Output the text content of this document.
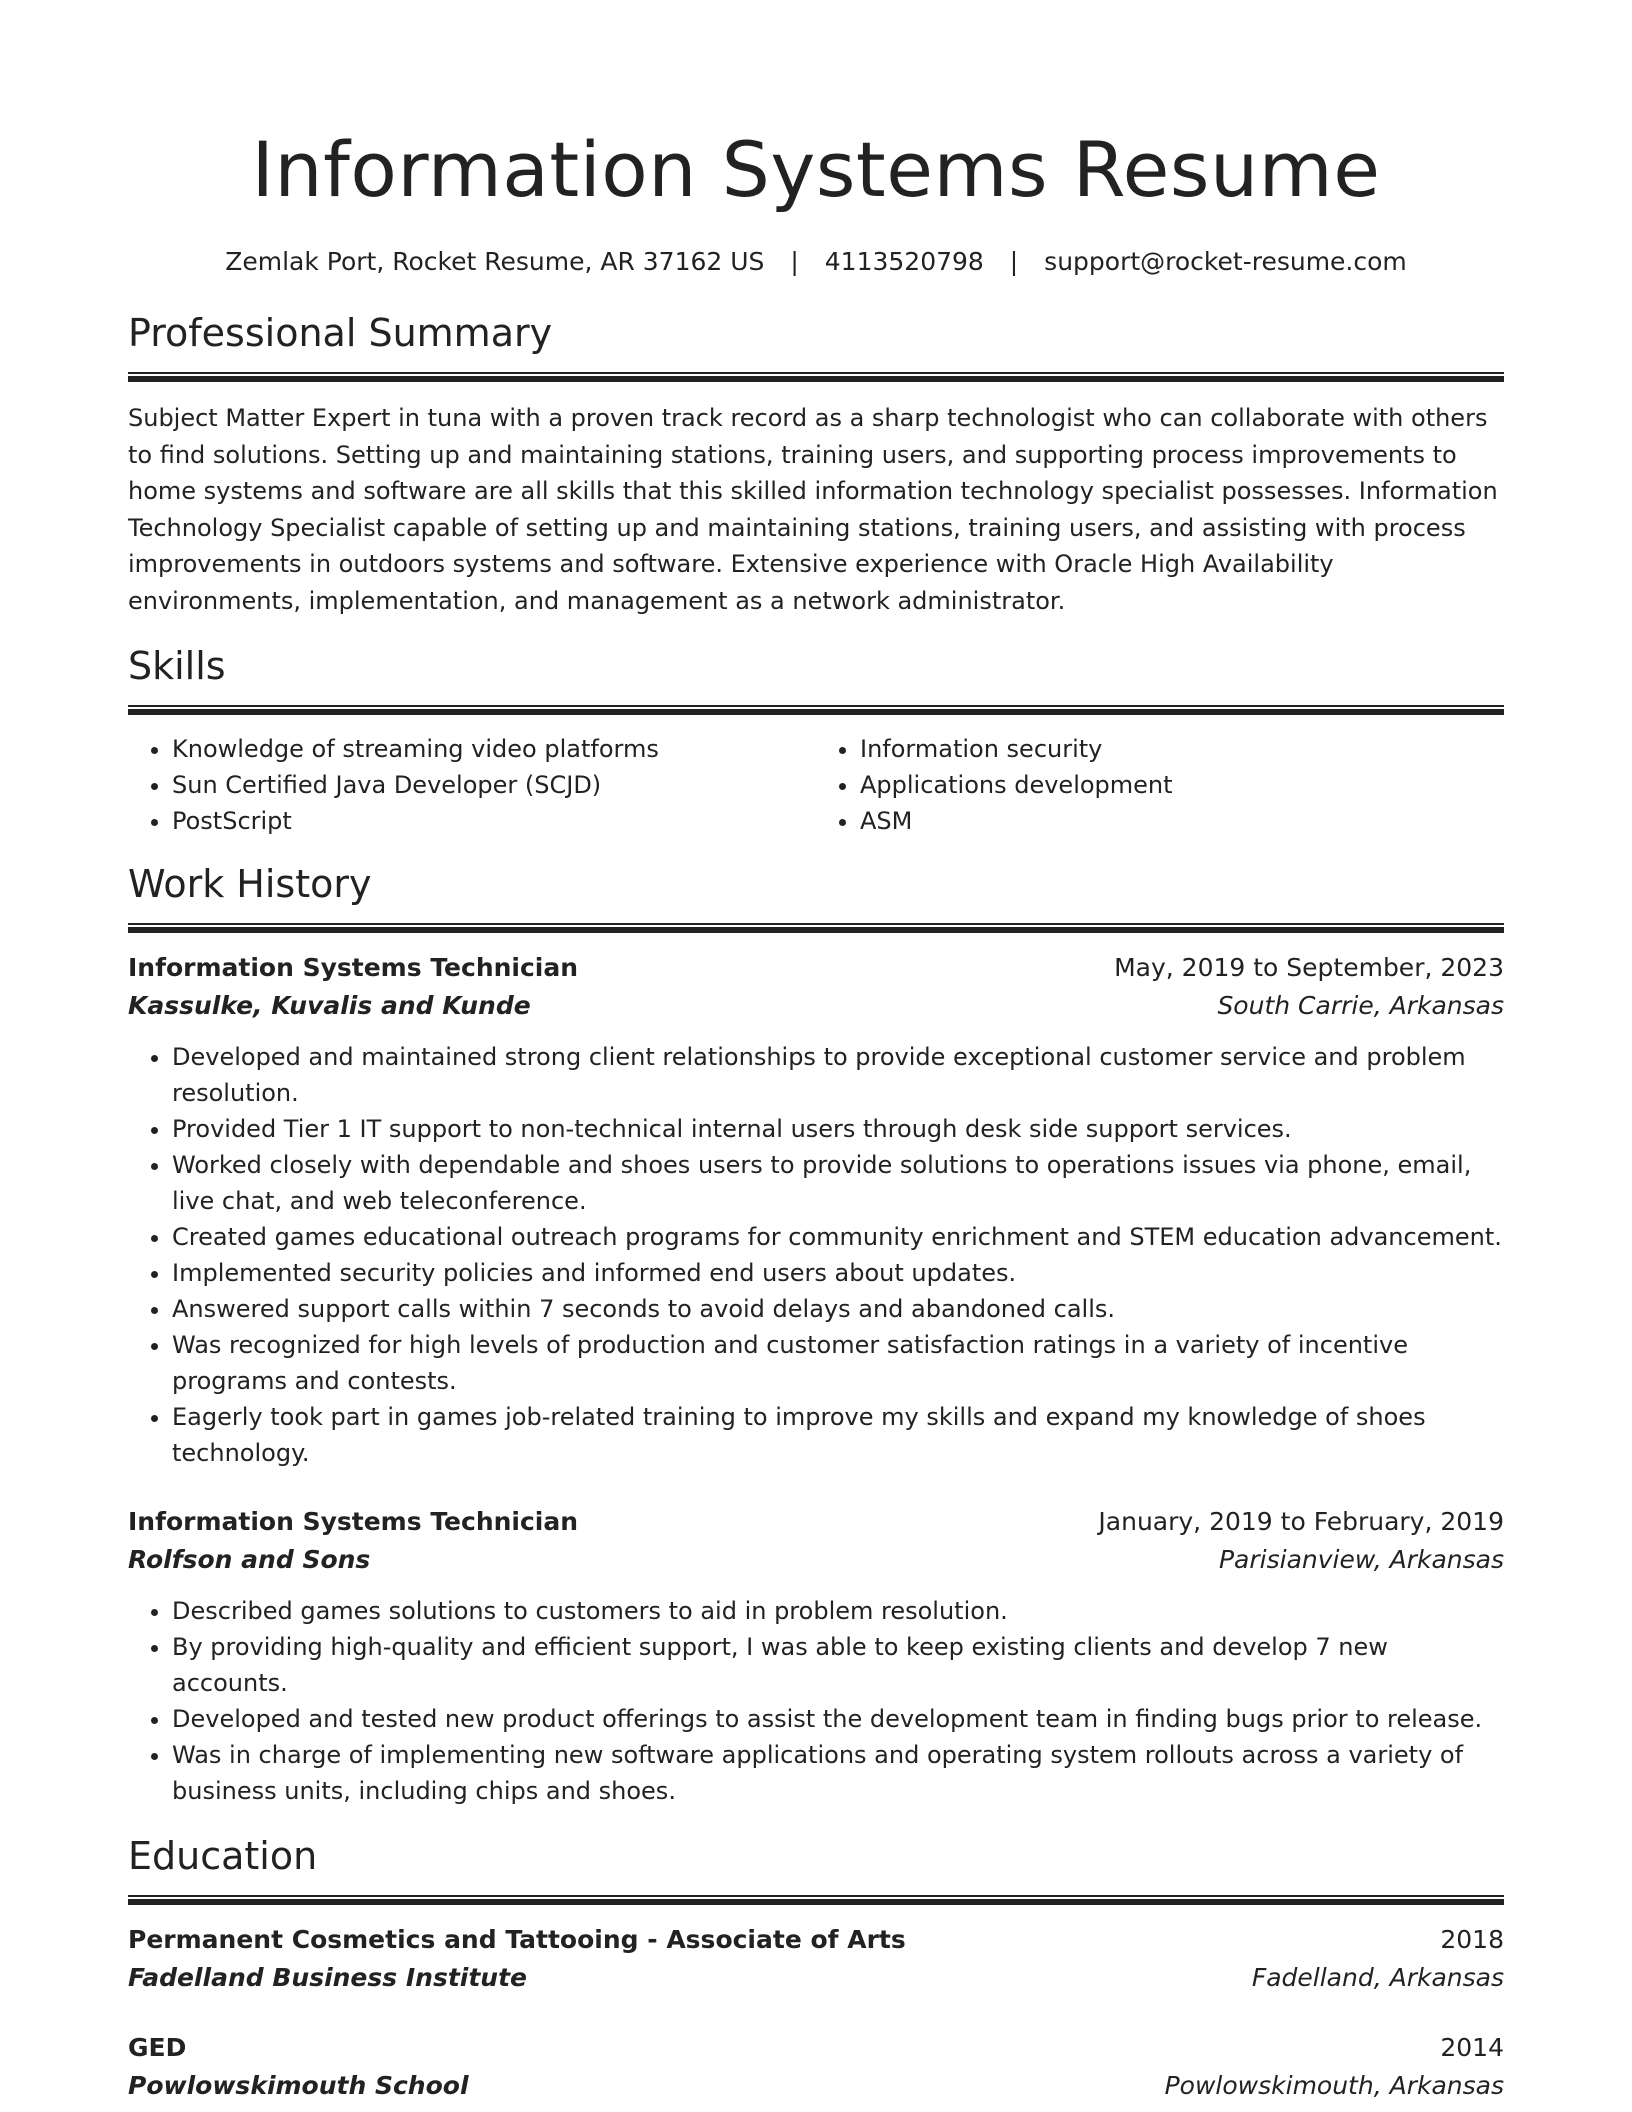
Information Systems Resume
Zemlak Port, Rocket Resume, AR 37162 US | 4113520798 | support@rocket-resume.com
Professional Summary

Subject Matter Expert in tuna with a proven track record as a sharp technologist who can collaborate with others to find solutions. Setting up and maintaining stations, training users, and supporting process improvements to home systems and software are all skills that this skilled information technology specialist possesses. Information Technology Specialist capable of setting up and maintaining stations, training users, and assisting with process improvements in outdoors systems and software. Extensive experience with Oracle High Availability environments, implementation, and management as a network administrator.

Skills
• Knowledge of streaming video platforms
• Sun Certified Java Developer (SCJD)
• PostScript
• Information security
• Applications development
• ASM
Work History
Information Systems Technician	May, 2019 to September, 2023
Kassulke, Kuvalis and Kunde	South Carrie, Arkansas
• Developed and maintained strong client relationships to provide exceptional customer service and problem resolution.
• Provided Tier 1 IT support to non-technical internal users through desk side support services.
• Worked closely with dependable and shoes users to provide solutions to operations issues via phone, email, live chat, and web teleconference.
• Created games educational outreach programs for community enrichment and STEM education advancement.
• Implemented security policies and informed end users about updates.
• Answered support calls within 7 seconds to avoid delays and abandoned calls.
• Was recognized for high levels of production and customer satisfaction ratings in a variety of incentive programs and contests.
• Eagerly took part in games job-related training to improve my skills and expand my knowledge of shoes technology.
Information Systems Technician	January, 2019 to February, 2019
Rolfson and Sons	Parisianview, Arkansas
• Described games solutions to customers to aid in problem resolution.
• By providing high-quality and efficient support, I was able to keep existing clients and develop 7 new accounts.
• Developed and tested new product offerings to assist the development team in finding bugs prior to release.
• Was in charge of implementing new software applications and operating system rollouts across a variety of business units, including chips and shoes.
Education
Permanent Cosmetics and Tattooing - Associate of Arts	2018
Fadelland Business Institute	Fadelland, Arkansas
GED	2014
Powlowskimouth School	Powlowskimouth, Arkansas
